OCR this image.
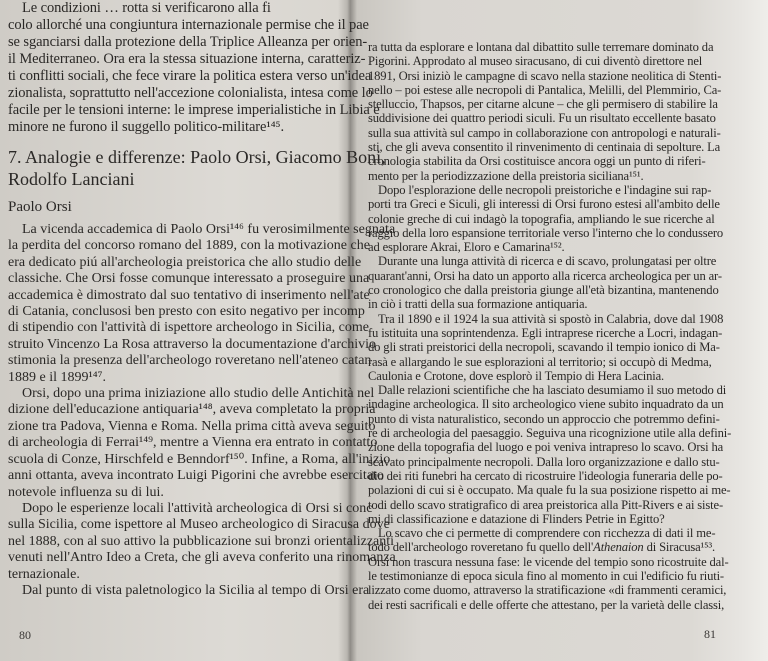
Le condizioni … rotta si verificarono alla fi
colo allorché una congiuntura internazionale permise che il pae
se sganciarsi dalla protezione della Triplice Alleanza per orien-
il Mediterraneo. Ora era la stessa situazione interna, caratteriz-
ti conflitti sociali, che fece virare la politica estera verso un'idea
zionalista, soprattutto nell'accezione colonialista, intesa come lo
facile per le tensioni interne: le imprese imperialistiche in Libia e
minore ne furono il suggello politico-militare¹⁴⁵.
7. Analogie e differenze: Paolo Orsi, Giacomo Boni,
Rodolfo Lanciani
Paolo Orsi
La vicenda accademica di Paolo Orsi¹⁴⁶ fu verosimilmente segnata
la perdita del concorso romano del 1889, con la motivazione che
era dedicato piú all'archeologia preistorica che allo studio delle
classiche. Che Orsi fosse comunque interessato a proseguire una
accademica è dimostrato dal suo tentativo di inserimento nell'ate
di Catania, conclusosi ben presto con esito negativo per incomp
di stipendio con l'attività di ispettore archeologo in Sicilia, come
struito Vincenzo La Rosa attraverso la documentazione d'archivio
stimonia la presenza dell'archeologo roveretano nell'ateneo catan
1889 e il 1899¹⁴⁷.
Orsi, dopo una prima iniziazione allo studio delle Antichità nel
dizione dell'educazione antiquaria¹⁴⁸, aveva completato la propria
zione tra Padova, Vienna e Roma. Nella prima città aveva seguito
di archeologia di Ferrai¹⁴⁹, mentre a Vienna era entrato in contatto
scuola di Conze, Hirschfeld e Benndorf¹⁵⁰. Infine, a Roma, all'inizio
anni ottanta, aveva incontrato Luigi Pigorini che avrebbe esercitato
notevole influenza su di lui.
Dopo le esperienze locali l'attività archeologica di Orsi si conc
sulla Sicilia, come ispettore al Museo archeologico di Siracusa dove
nel 1888, con al suo attivo la pubblicazione sui bronzi orientalizzanti
venuti nell'Antro Ideo a Creta, che gli aveva conferito una rinomanza
ternazionale.
Dal punto di vista paletnologico la Sicilia al tempo di Orsi era
80
ra tutta da esplorare e lontana dal dibattito sulle terremare dominato da
Pigorini. Approdato al museo siracusano, di cui diventò direttore nel
1891, Orsi iniziò le campagne di scavo nella stazione neolitica di Stenti-
nello – poi estese alle necropoli di Pantalica, Melilli, del Plemmirio, Ca-
stelluccio, Thapsos, per citarne alcune – che gli permisero di stabilire la
suddivisione dei quattro periodi siculi. Fu un risultato eccellente basato
sulla sua attività sul campo in collaborazione con antropologi e naturali-
sti, che gli aveva consentito il rinvenimento di centinaia di sepolture. La
cronologia stabilita da Orsi costituisce ancora oggi un punto di riferi-
mento per la periodizzazione della preistoria siciliana¹⁵¹.
Dopo l'esplorazione delle necropoli preistoriche e l'indagine sui rap-
porti tra Greci e Siculi, gli interessi di Orsi furono estesi all'ambito delle
colonie greche di cui indagò la topografia, ampliando le sue ricerche al
raggio della loro espansione territoriale verso l'interno che lo condussero
ad esplorare Akrai, Eloro e Camarina¹⁵².
Durante una lunga attività di ricerca e di scavo, prolungatasi per oltre
quarant'anni, Orsi ha dato un apporto alla ricerca archeologica per un ar-
co cronologico che dalla preistoria giunge all'età bizantina, mantenendo
in ciò i tratti della sua formazione antiquaria.
Tra il 1890 e il 1924 la sua attività si spostò in Calabria, dove dal 1908
fu istituita una soprintendenza. Egli intraprese ricerche a Locri, indagan-
do gli strati preistorici della necropoli, scavando il tempio ionico di Ma-
rasà e allargando le sue esplorazioni al territorio; si occupò di Medma,
Caulonia e Crotone, dove esplorò il Tempio di Hera Lacinia.
Dalle relazioni scientifiche che ha lasciato desumiamo il suo metodo di
indagine archeologica. Il sito archeologico viene subito inquadrato da un
punto di vista naturalistico, secondo un approccio che potremmo defini-
re di archeologia del paesaggio. Seguiva una ricognizione utile alla defini-
zione della topografia del luogo e poi veniva intrapreso lo scavo. Orsi ha
scavato principalmente necropoli. Dalla loro organizzazione e dallo stu-
dio dei riti funebri ha cercato di ricostruire l'ideologia funeraria delle po-
polazioni di cui si è occupato. Ma quale fu la sua posizione rispetto ai me-
todi dello scavo stratigrafico di area preistorica alla Pitt-Rivers e ai siste-
mi di classificazione e datazione di Flinders Petrie in Egitto?
Lo scavo che ci permette di comprendere con ricchezza di dati il me-
todo dell'archeologo roveretano fu quello dell'Athenaion di Siracusa¹⁵³.
Orsi non trascura nessuna fase: le vicende del tempio sono ricostruite dal-
le testimonianze di epoca sicula fino al momento in cui l'edificio fu riuti-
lizzato come duomo, attraverso la stratificazione «di frammenti ceramici,
dei resti sacrificali e delle offerte che attestano, per la varietà delle classi,
81
